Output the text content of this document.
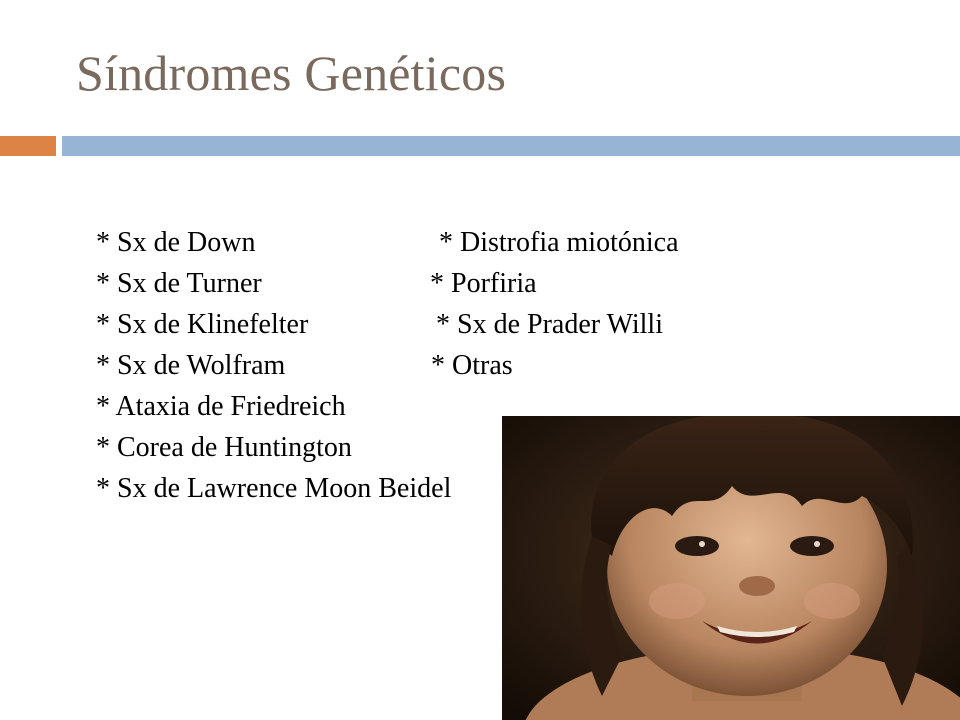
Síndromes Genéticos
* Sx de Down	* Distrofia miotónica
* Sx de Turner	* Porfiria
* Sx de Klinefelter	* Sx de Prader Willi
* Sx de Wolfram	* Otras
* Ataxia de Friedreich
* Corea de Huntington
* Sx de Lawrence Moon Beidel
